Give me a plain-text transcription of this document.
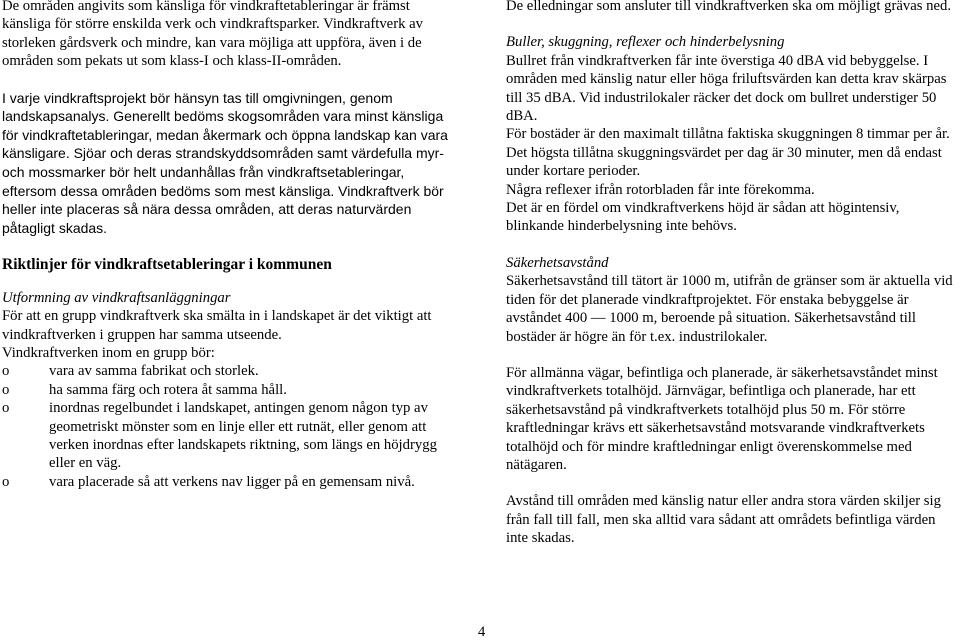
De områden angivits som känsliga för vindkraftetableringar är främst känsliga för större enskilda verk och vindkraftsparker. Vindkraftverk av storleken gårdsverk och mindre, kan vara möjliga att uppföra, även i de områden som pekats ut som klass-I och klass-II-områden.

I varje vindkraftsprojekt bör hänsyn tas till omgivningen, genom landskapsanalys. Generellt bedöms skogsområden vara minst känsliga för vindkraftetableringar, medan åkermark och öppna landskap kan vara känsligare. Sjöar och deras strandskyddsområden samt värdefulla myr- och mossmarker bör helt undanhållas från vindkraftsetableringar, eftersom dessa områden bedöms som mest känsliga. Vindkraftverk bör heller inte placeras så nära dessa områden, att deras naturvärden påtagligt skadas.

Riktlinjer för vindkraftsetableringar i kommunen

Utformning av vindkraftsanläggningar

För att en grupp vindkraftverk ska smälta in i landskapet är det viktigt att vindkraftverken i gruppen har samma utseende.

Vindkraftverken inom en grupp bör:

o	vara av samma fabrikat och storlek.
o	ha samma färg och rotera åt samma håll.
o	inordnas regelbundet i landskapet, antingen genom någon typ av geometriskt mönster som en linje eller ett rutnät, eller genom att verken inordnas efter landskapets riktning, som längs en höjdrygg eller en väg.
o	vara placerade så att verkens nav ligger på en gemensam nivå.

De elledningar som ansluter till vindkraftverken ska om möjligt grävas ned.

Buller, skuggning, reflexer och hinderbelysning

Bullret från vindkraftverken får inte överstiga 40 dBA vid bebyggelse. I områden med känslig natur eller höga friluftsvärden kan detta krav skärpas till 35 dBA. Vid industrilokaler räcker det dock om bullret understiger 50 dBA.

För bostäder är den maximalt tillåtna faktiska skuggningen 8 timmar per år. Det högsta tillåtna skuggningsvärdet per dag är 30 minuter, men då endast under kortare perioder.

Några reflexer ifrån rotorbladen får inte förekomma.

Det är en fördel om vindkraftverkens höjd är sådan att högintensiv, blinkande hinderbelysning inte behövs.

Säkerhetsavstånd

Säkerhetsavstånd till tätort är 1000 m, utifrån de gränser som är aktuella vid tiden för det planerade vindkraftprojektet. För enstaka bebyggelse är avståndet 400 — 1000 m, beroende på situation. Säkerhetsavstånd till bostäder är högre än för t.ex. industrilokaler.

För allmänna vägar, befintliga och planerade, är säkerhetsavståndet minst vindkraftverkets totalhöjd. Järnvägar, befintliga och planerade, har ett säkerhetsavstånd på vindkraftverkets totalhöjd plus 50 m. För större kraftledningar krävs ett säkerhetsavstånd motsvarande vindkraftverkets totalhöjd och för mindre kraftledningar enligt överenskommelse med nätägaren.

Avstånd till områden med känslig natur eller andra stora värden skiljer sig från fall till fall, men ska alltid vara sådant att områdets befintliga värden inte skadas.

4
